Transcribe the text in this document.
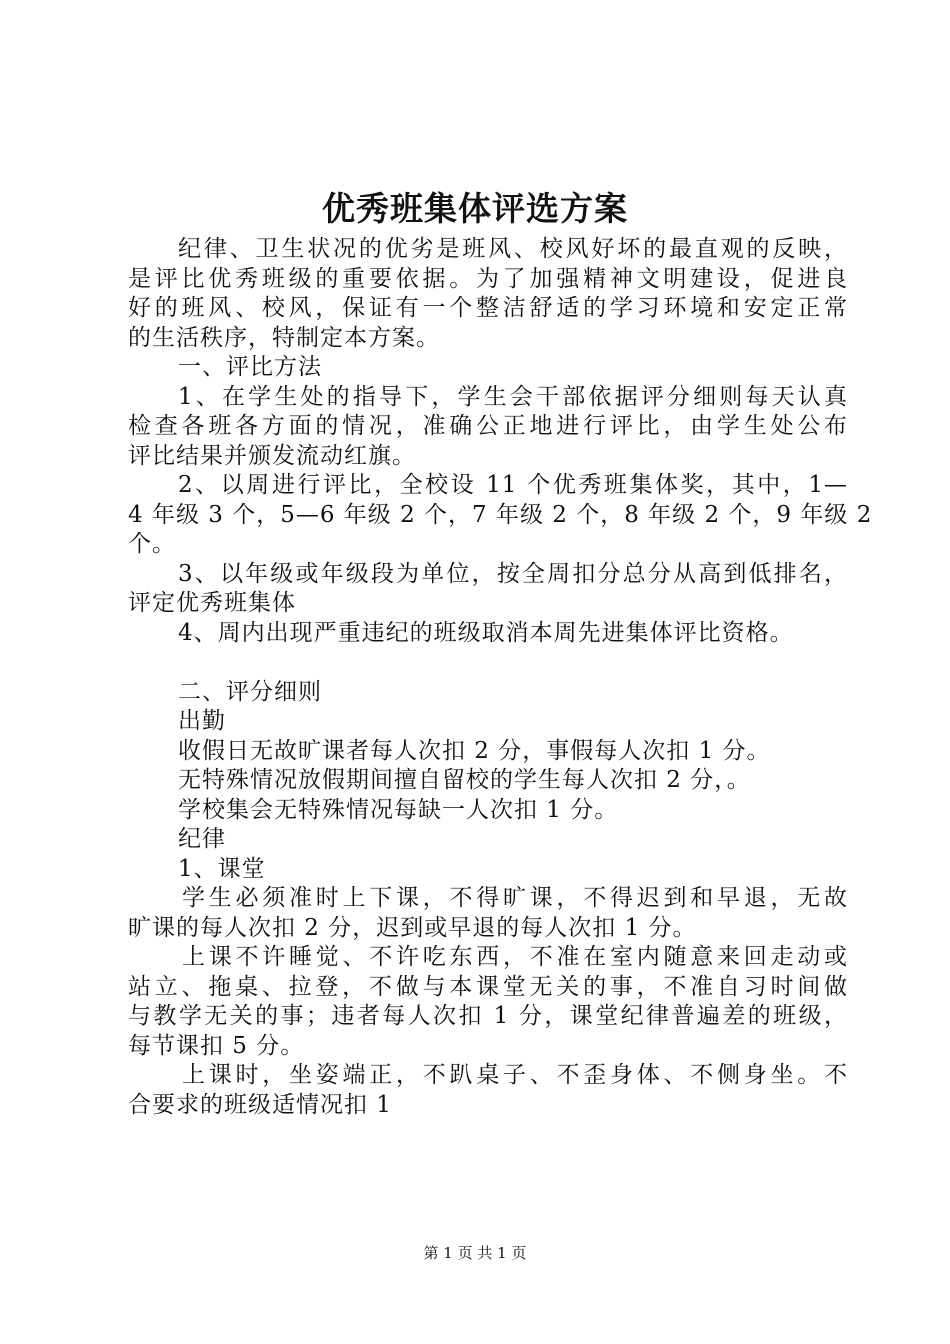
优秀班集体评选方案
纪律、卫生状况的优劣是班风、校风好坏的最直观的反映，
是评比优秀班级的重要依据。为了加强精神文明建设，促进良
好的班风、校风，保证有一个整洁舒适的学习环境和安定正常
的生活秩序，特制定本方案。
一、评比方法
1、在学生处的指导下，学生会干部依据评分细则每天认真
检查各班各方面的情况，准确公正地进行评比，由学生处公布
评比结果并颁发流动红旗。
2、以周进行评比，全校设 11 个优秀班集体奖，其中，1—
4 年级 3 个，5—6 年级 2 个，7 年级 2 个，8 年级 2 个，9 年级 2
个。
3、以年级或年级段为单位，按全周扣分总分从高到低排名，
评定优秀班集体
4、周内出现严重违纪的班级取消本周先进集体评比资格。
二、评分细则
出勤
收假日无故旷课者每人次扣 2 分，事假每人次扣 1 分。
无特殊情况放假期间擅自留校的学生每人次扣 2 分，。
学校集会无特殊情况每缺一人次扣 1 分。
纪律
1、课堂
学生必须准时上下课，不得旷课，不得迟到和早退，无故
旷课的每人次扣 2 分，迟到或早退的每人次扣 1 分。
上课不许睡觉、不许吃东西，不准在室内随意来回走动或
站立、拖桌、拉登，不做与本课堂无关的事，不准自习时间做
与教学无关的事；违者每人次扣 1 分，课堂纪律普遍差的班级，
每节课扣 5 分。
上课时，坐姿端正，不趴桌子、不歪身体、不侧身坐。不
合要求的班级适情况扣 1
第 1 页 共 1 页
